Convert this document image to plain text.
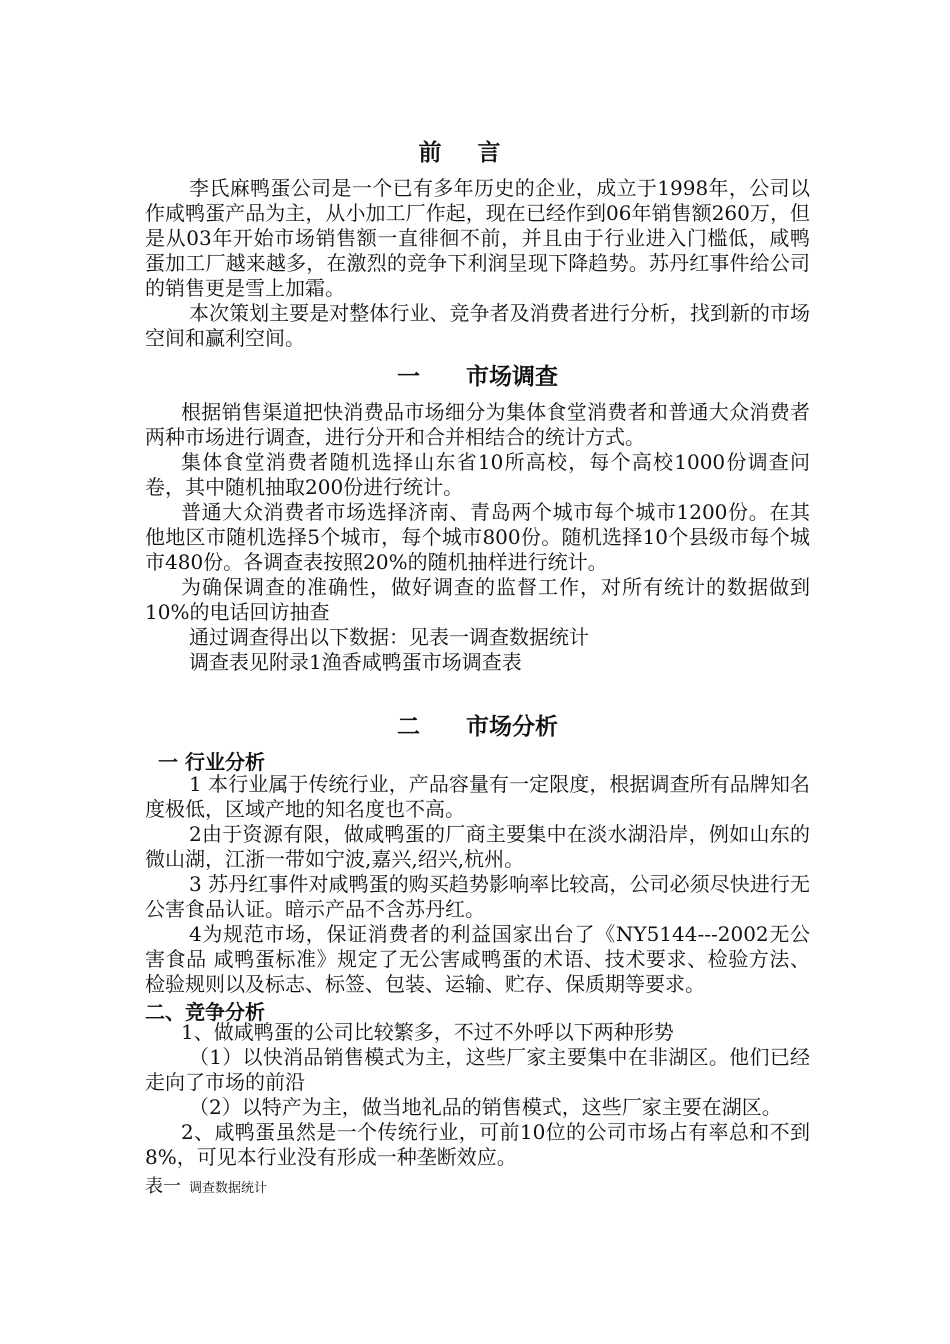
前言

李氏麻鸭蛋公司是一个已有多年历史的企业，成立于1998年，公司以作咸鸭蛋产品为主，从小加工厂作起，现在已经作到06年销售额260万，但是从03年开始市场销售额一直徘徊不前，并且由于行业进入门槛低，咸鸭蛋加工厂越来越多，在激烈的竞争下利润呈现下降趋势。苏丹红事件给公司的销售更是雪上加霜。

本次策划主要是对整体行业、竞争者及消费者进行分析，找到新的市场空间和赢利空间。

一 市场调查

根据销售渠道把快消费品市场细分为集体食堂消费者和普通大众消费者两种市场进行调查，进行分开和合并相结合的统计方式。

集体食堂消费者随机选择山东省10所高校，每个高校1000份调查问卷，其中随机抽取200份进行统计。

普通大众消费者市场选择济南、青岛两个城市每个城市1200份。在其他地区市随机选择5个城市，每个城市800份。随机选择10个县级市每个城市480份。各调查表按照20%的随机抽样进行统计。

为确保调查的准确性，做好调查的监督工作，对所有统计的数据做到10%的电话回访抽查

通过调查得出以下数据：见表一调查数据统计

调查表见附录1渔香咸鸭蛋市场调查表

二 市场分析
一 行业分析

1 本行业属于传统行业，产品容量有一定限度，根据调查所有品牌知名度极低，区域产地的知名度也不高。

2由于资源有限，做咸鸭蛋的厂商主要集中在淡水湖沿岸，例如山东的微山湖，江浙一带如宁波,嘉兴,绍兴,杭州。

3 苏丹红事件对咸鸭蛋的购买趋势影响率比较高，公司必须尽快进行无公害食品认证。暗示产品不含苏丹红。

4为规范市场，保证消费者的利益国家出台了《NY5144---2002无公害食品 咸鸭蛋标准》规定了无公害咸鸭蛋的术语、技术要求、检验方法、检验规则以及标志、标签、包装、运输、贮存、保质期等要求。

二、竞争分析

1、做咸鸭蛋的公司比较繁多，不过不外呼以下两种形势

（1）以快消品销售模式为主，这些厂家主要集中在非湖区。他们已经走向了市场的前沿

（2）以特产为主，做当地礼品的销售模式，这些厂家主要在湖区。

2、咸鸭蛋虽然是一个传统行业，可前10位的公司市场占有率总和不到8%，可见本行业没有形成一种垄断效应。

表一 调查数据统计
